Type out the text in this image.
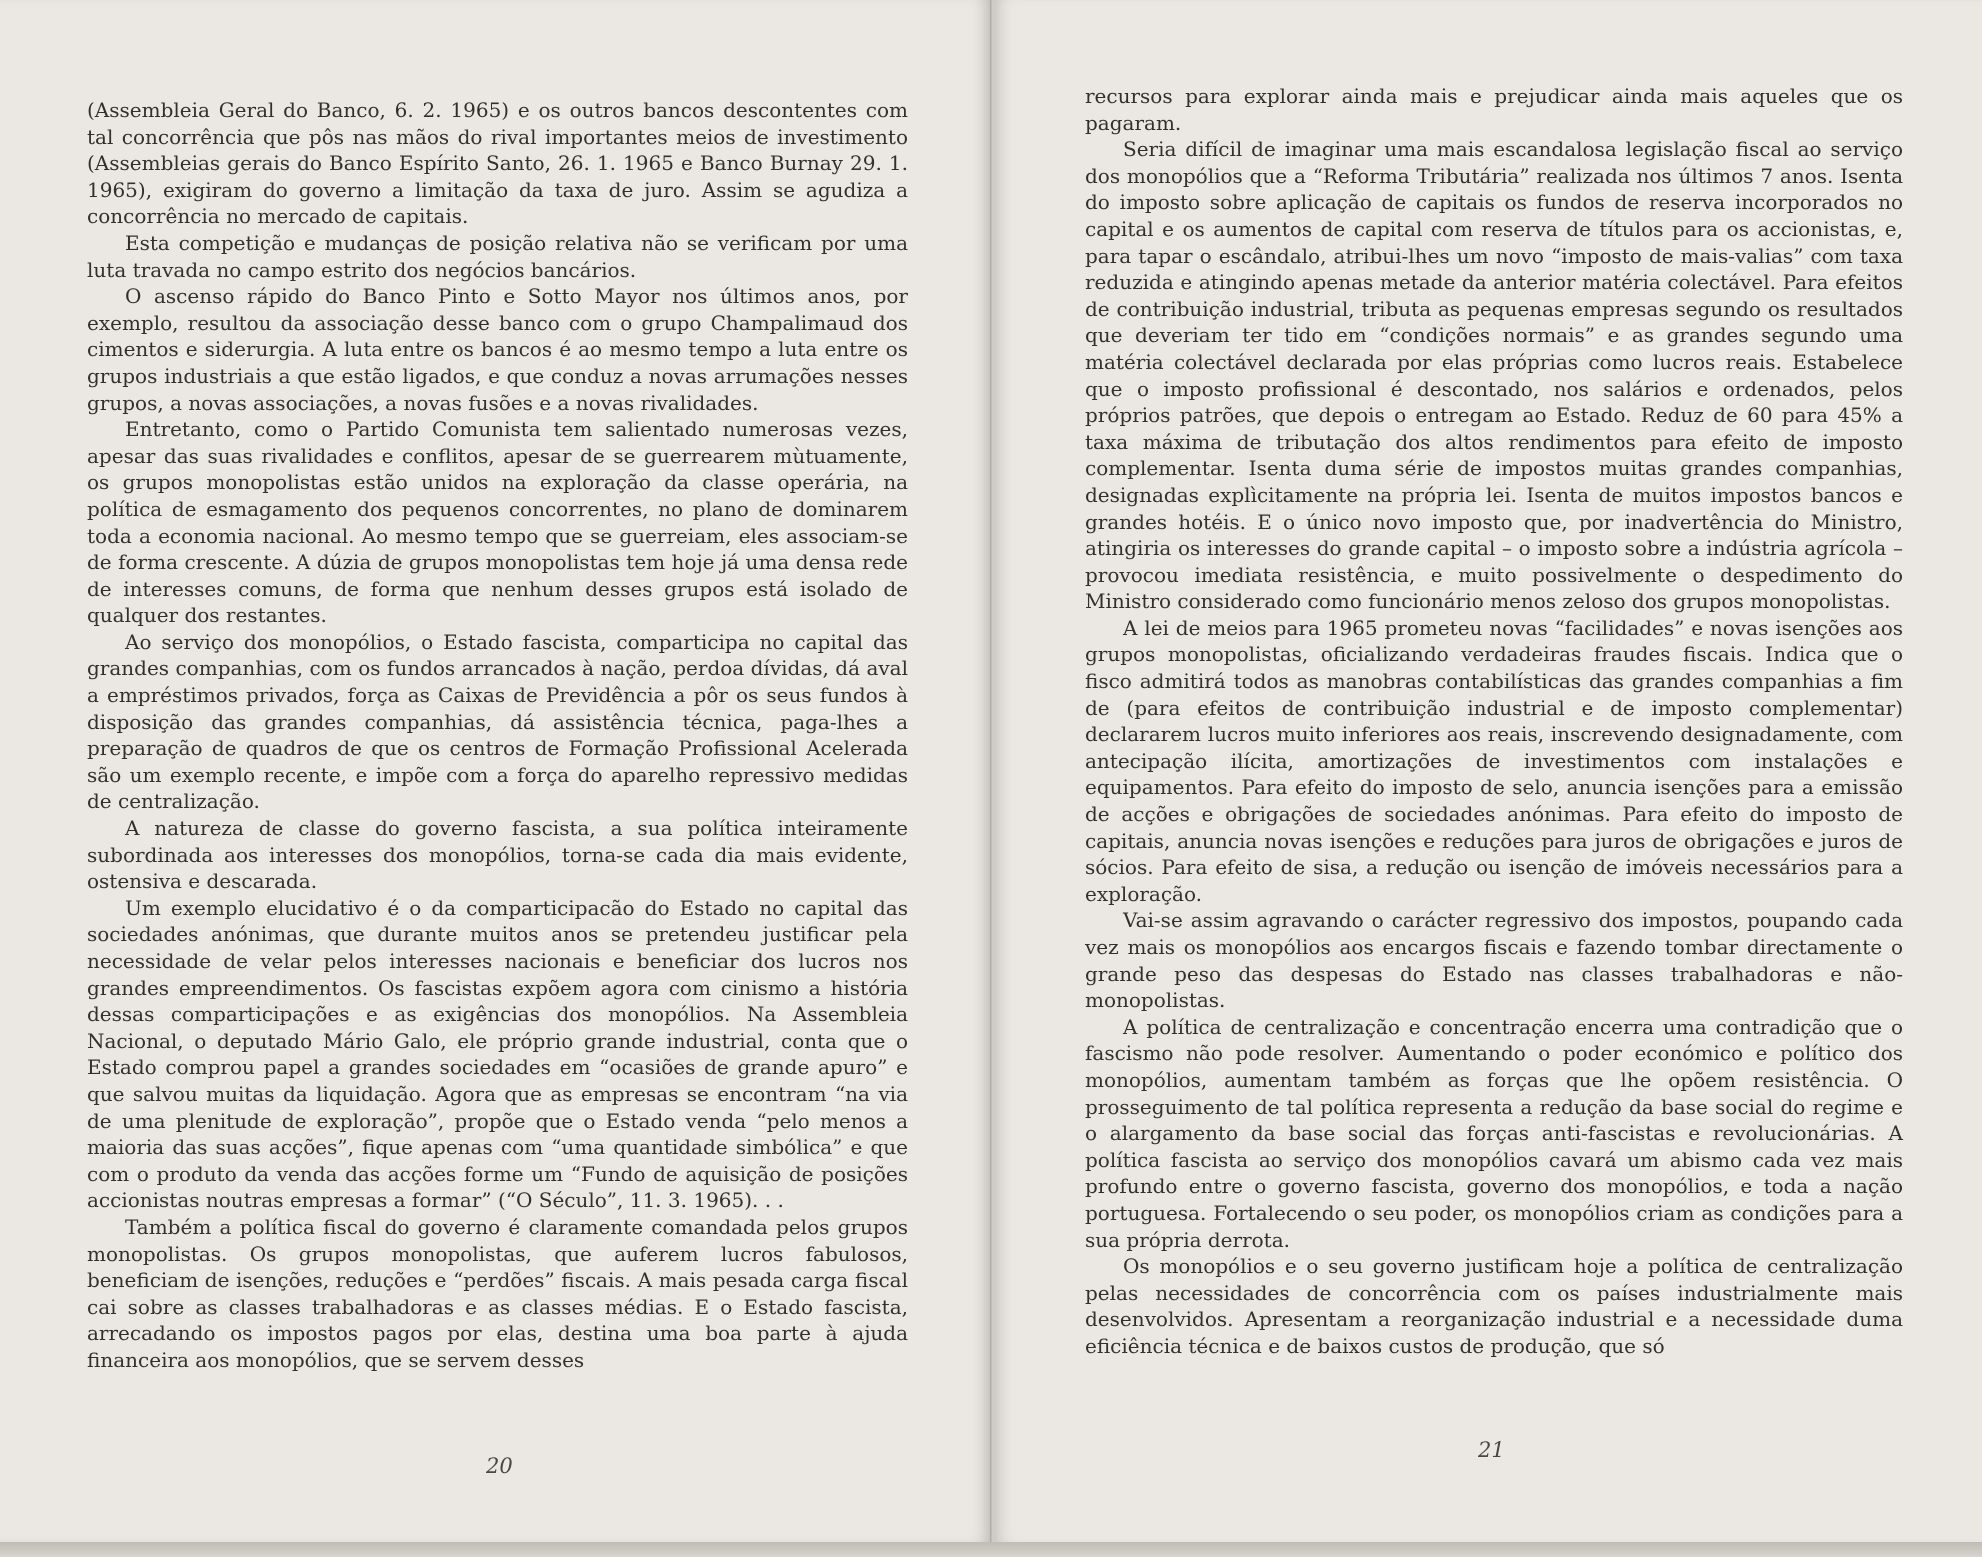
(Assembleia Geral do Banco, 6. 2. 1965) e os outros bancos descontentes com tal concorrência que pôs nas mãos do rival importantes meios de investimento (Assembleias gerais do Banco Espírito Santo, 26. 1. 1965 e Banco Burnay 29. 1. 1965), exigiram do governo a limitação da taxa de juro. Assim se agudiza a concorrência no mercado de capitais.

Esta competição e mudanças de posição relativa não se verificam por uma luta travada no campo estrito dos negócios bancários.

O ascenso rápido do Banco Pinto e Sotto Mayor nos últimos anos, por exemplo, resultou da associação desse banco com o grupo Champalimaud dos cimentos e siderurgia. A luta entre os bancos é ao mesmo tempo a luta entre os grupos industriais a que estão ligados, e que conduz a novas arrumações nesses grupos, a novas associações, a novas fusões e a novas rivalidades.

Entretanto, como o Partido Comunista tem salientado numerosas vezes, apesar das suas rivalidades e conflitos, apesar de se guerrearem mùtuamente, os grupos monopolistas estão unidos na exploração da classe operária, na política de esmagamento dos pequenos concorrentes, no plano de dominarem toda a economia nacional. Ao mesmo tempo que se guerreiam, eles associam-se de forma crescente. A dúzia de grupos monopolistas tem hoje já uma densa rede de interesses comuns, de forma que nenhum desses grupos está isolado de qualquer dos restantes.

Ao serviço dos monopólios, o Estado fascista, comparticipa no capital das grandes companhias, com os fundos arrancados à nação, perdoa dívidas, dá aval a empréstimos privados, força as Caixas de Previdência a pôr os seus fundos à disposição das grandes companhias, dá assistência técnica, paga-lhes a preparação de quadros de que os centros de Formação Profissional Acelerada são um exemplo recente, e impõe com a força do aparelho repressivo medidas de centralização.

A natureza de classe do governo fascista, a sua política inteiramente subordinada aos interesses dos monopólios, torna-se cada dia mais evidente, ostensiva e descarada.

Um exemplo elucidativo é o da comparticipacão do Estado no capital das sociedades anónimas, que durante muitos anos se pretendeu justificar pela necessidade de velar pelos interesses nacionais e beneficiar dos lucros nos grandes empreendimentos. Os fascistas expõem agora com cinismo a história dessas comparticipações e as exigências dos monopólios. Na Assembleia Nacional, o deputado Mário Galo, ele próprio grande industrial, conta que o Estado comprou papel a grandes sociedades em “ocasiões de grande apuro” e que salvou muitas da liquidação. Agora que as empresas se encontram “na via de uma plenitude de exploração”, propõe que o Estado venda “pelo menos a maioria das suas acções”, fique apenas com “uma quantidade simbólica” e que com o produto da venda das acções forme um “Fundo de aquisição de posições accionistas noutras empresas a formar” (“O Século”, 11. 3. 1965). . .

Também a política fiscal do governo é claramente comandada pelos grupos monopolistas. Os grupos monopolistas, que auferem lucros fabulosos, beneficiam de isenções, reduções e “perdões” fiscais. A mais pesada carga fiscal cai sobre as classes trabalhadoras e as classes médias. E o Estado fascista, arrecadando os impostos pagos por elas, destina uma boa parte à ajuda financeira aos monopólios, que se servem desses

20

recursos para explorar ainda mais e prejudicar ainda mais aqueles que os pagaram.

Seria difícil de imaginar uma mais escandalosa legislação fiscal ao serviço dos monopólios que a “Reforma Tributária” realizada nos últimos 7 anos. Isenta do imposto sobre aplicação de capitais os fundos de reserva incorporados no capital e os aumentos de capital com reserva de títulos para os accionistas, e, para tapar o escândalo, atribui-lhes um novo “imposto de mais-valias” com taxa reduzida e atingindo apenas metade da anterior matéria colectável. Para efeitos de contribuição industrial, tributa as pequenas empresas segundo os resultados que deveriam ter tido em “condições normais” e as grandes segundo uma matéria colectável declarada por elas próprias como lucros reais. Estabelece que o imposto profissional é descontado, nos salários e ordenados, pelos próprios patrões, que depois o entregam ao Estado. Reduz de 60 para 45% a taxa máxima de tributação dos altos rendimentos para efeito de imposto complementar. Isenta duma série de impostos muitas grandes companhias, designadas explìcitamente na própria lei. Isenta de muitos impostos bancos e grandes hotéis. E o único novo imposto que, por inadvertência do Ministro, atingiria os interesses do grande capital – o imposto sobre a indústria agrícola – provocou imediata resistência, e muito possivelmente o despedimento do Ministro considerado como funcionário menos zeloso dos grupos monopolistas.

A lei de meios para 1965 prometeu novas “facilidades” e novas isenções aos grupos monopolistas, oficializando verdadeiras fraudes fiscais. Indica que o fisco admitirá todos as manobras contabilísticas das grandes companhias a fim de (para efeitos de contribuição industrial e de imposto complementar) declararem lucros muito inferiores aos reais, inscrevendo designadamente, com antecipação ilícita, amortizações de investimentos com instalações e equipamentos. Para efeito do imposto de selo, anuncia isenções para a emissão de acções e obrigações de sociedades anónimas. Para efeito do imposto de capitais, anuncia novas isenções e reduções para juros de obrigações e juros de sócios. Para efeito de sisa, a redução ou isenção de imóveis necessários para a exploração.

Vai-se assim agravando o carácter regressivo dos impostos, poupando cada vez mais os monopólios aos encargos fiscais e fazendo tombar directamente o grande peso das despesas do Estado nas classes trabalhadoras e não-monopolistas.

A política de centralização e concentração encerra uma contradição que o fascismo não pode resolver. Aumentando o poder económico e político dos monopólios, aumentam também as forças que lhe opõem resistência. O prosseguimento de tal política representa a redução da base social do regime e o alargamento da base social das forças anti-fascistas e revolucionárias. A política fascista ao serviço dos monopólios cavará um abismo cada vez mais profundo entre o governo fascista, governo dos monopólios, e toda a nação portuguesa. Fortalecendo o seu poder, os monopólios criam as condições para a sua própria derrota.

Os monopólios e o seu governo justificam hoje a política de centralização pelas necessidades de concorrência com os países industrialmente mais desenvolvidos. Apresentam a reorganização industrial e a necessidade duma eficiência técnica e de baixos custos de produção, que só

21
